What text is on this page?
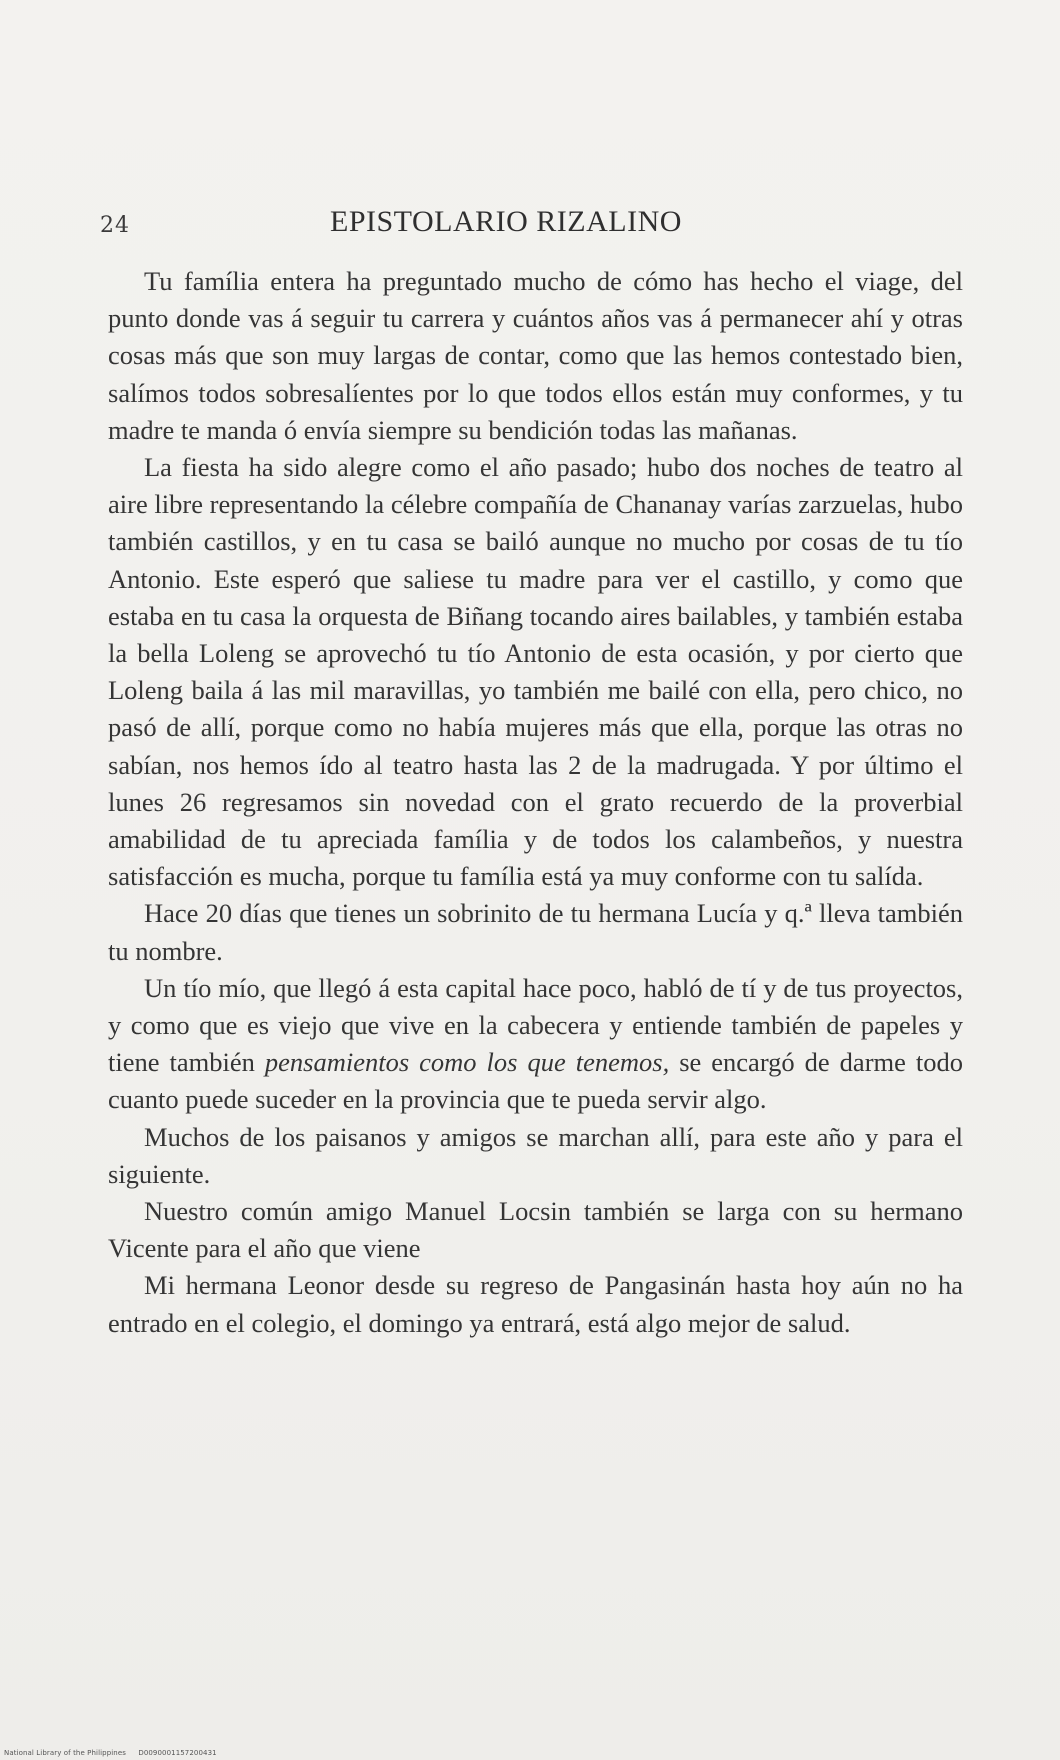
24	EPISTOLARIO RIZALINO

Tu família entera ha preguntado mucho de cómo has hecho el viage, del punto donde vas á seguir tu carrera y cuántos años vas á permanecer ahí y otras cosas más que son muy largas de contar, como que las hemos contestado bien, salímos todos sobresalíentes por lo que todos ellos están muy conformes, y tu madre te manda ó envía siempre su bendición todas las mañanas.

La fiesta ha sido alegre como el año pasado; hubo dos noches de teatro al aire libre representando la célebre compañía de Chananay varías zarzuelas, hubo también castillos, y en tu casa se bailó aunque no mucho por cosas de tu tío Antonio. Este esperó que saliese tu madre para ver el castillo, y como que estaba en tu casa la orquesta de Biñang tocando aires bailables, y también estaba la bella Loleng se aprovechó tu tío Antonio de esta ocasión, y por cierto que Loleng baila á las mil maravillas, yo también me bailé con ella, pero chico, no pasó de allí, porque como no había mujeres más que ella, porque las otras no sabían, nos hemos ído al teatro hasta las 2 de la madrugada. Y por último el lunes 26 regresamos sin novedad con el grato recuerdo de la proverbial amabilidad de tu apreciada família y de todos los calambeños, y nuestra satisfacción es mucha, porque tu família está ya muy conforme con tu salída.

Hace 20 días que tienes un sobrinito de tu hermana Lucía y q.ª lleva también tu nombre.

Un tío mío, que llegó á esta capital hace poco, habló de tí y de tus proyectos, y como que es viejo que vive en la cabecera y entiende también de papeles y tiene también pensamientos como los que tenemos, se encargó de darme todo cuanto puede suceder en la provincia que te pueda servir algo.

Muchos de los paisanos y amigos se marchan allí, para este año y para el siguiente.

Nuestro común amigo Manuel Locsin también se larga con su hermano Vicente para el año que viene

Mi hermana Leonor desde su regreso de Pangasinán hasta hoy aún no ha entrado en el colegio, el domingo ya entrará, está algo mejor de salud.

National Library of the Philippines D0090001157200431
